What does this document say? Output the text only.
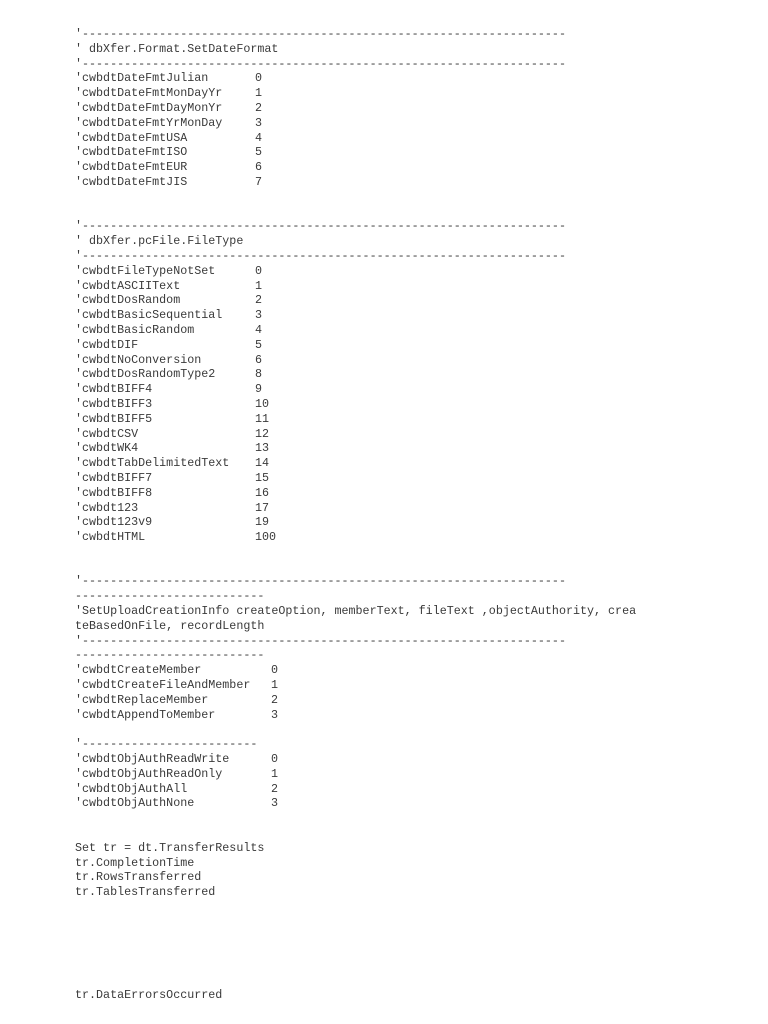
'---------------------------------------------------------------------
' dbXfer.Format.SetDateFormat
'---------------------------------------------------------------------
'cwbdtDateFmtJulian	0
'cwbdtDateFmtMonDayYr	1
'cwbdtDateFmtDayMonYr	2
'cwbdtDateFmtYrMonDay	3
'cwbdtDateFmtUSA	4
'cwbdtDateFmtISO	5
'cwbdtDateFmtEUR	6
'cwbdtDateFmtJIS	7
'---------------------------------------------------------------------
' dbXfer.pcFile.FileType
'---------------------------------------------------------------------
'cwbdtFileTypeNotSet	0
'cwbdtASCIIText	1
'cwbdtDosRandom	2
'cwbdtBasicSequential	3
'cwbdtBasicRandom	4
'cwbdtDIF	5
'cwbdtNoConversion	6
'cwbdtDosRandomType2	8
'cwbdtBIFF4	9
'cwbdtBIFF3	10
'cwbdtBIFF5	11
'cwbdtCSV	12
'cwbdtWK4	13
'cwbdtTabDelimitedText	14
'cwbdtBIFF7	15
'cwbdtBIFF8	16
'cwbdt123	17
'cwbdt123v9	19
'cwbdtHTML	100
'---------------------------------------------------------------------
---------------------------
'SetUploadCreationInfo createOption, memberText, fileText ,objectAuthority, crea
teBasedOnFile, recordLength
'---------------------------------------------------------------------
---------------------------
'cwbdtCreateMember	0
'cwbdtCreateFileAndMember	1
'cwbdtReplaceMember	2
'cwbdtAppendToMember	3
'-------------------------
'cwbdtObjAuthReadWrite	0
'cwbdtObjAuthReadOnly	1
'cwbdtObjAuthAll	2
'cwbdtObjAuthNone	3
Set tr = dt.TransferResults
tr.CompletionTime
tr.RowsTransferred
tr.TablesTransferred
tr.DataErrorsOccurred
